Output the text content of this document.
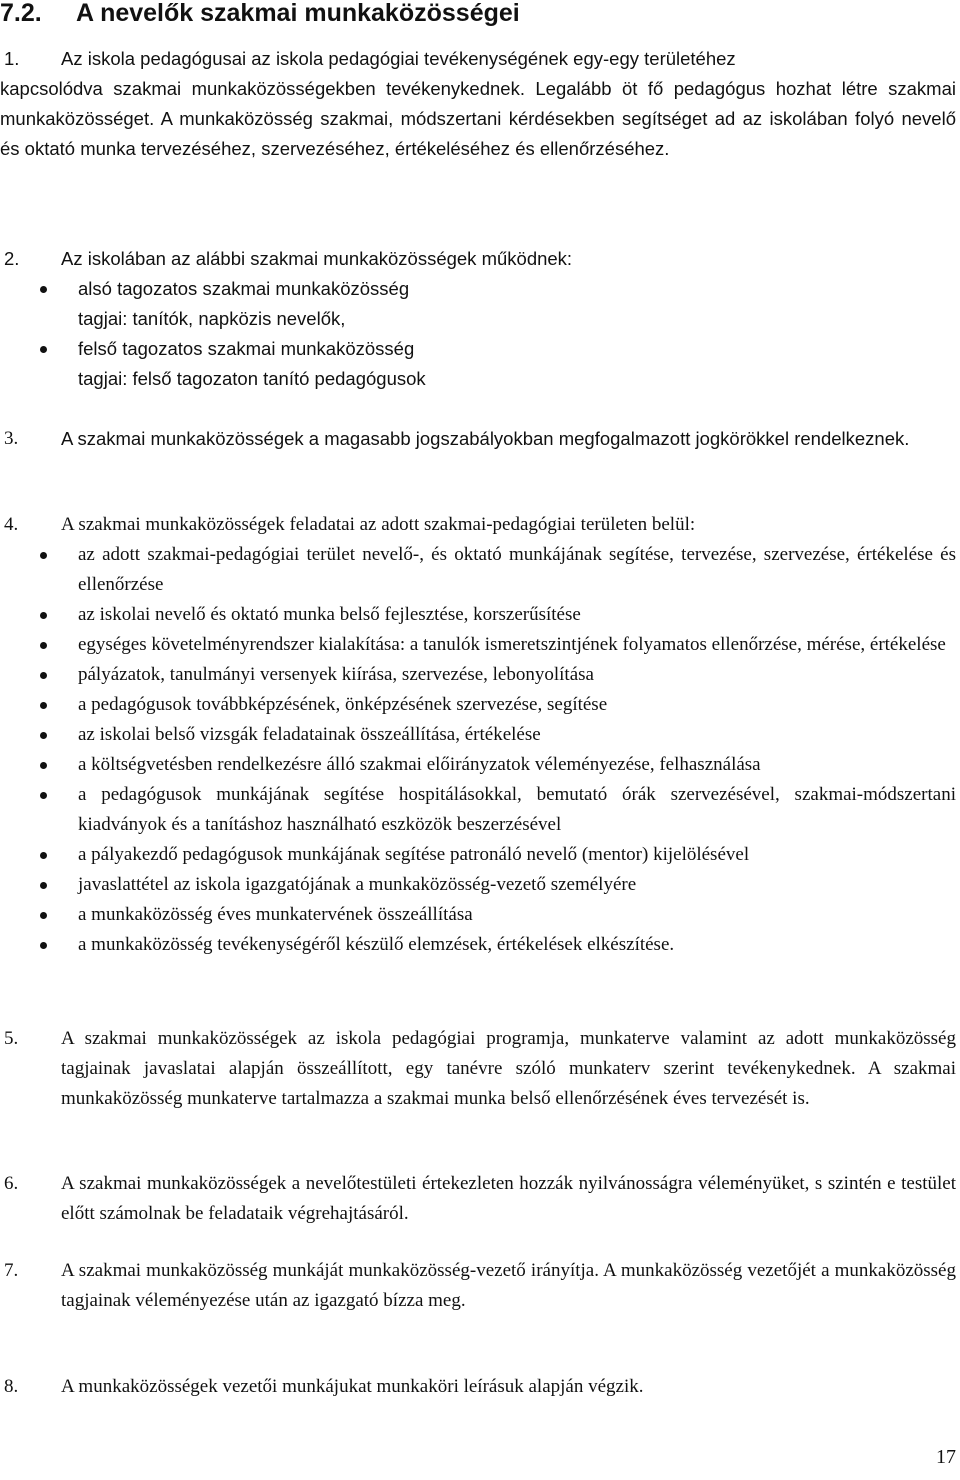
7.2. A nevelők szakmai munkaközösségei
1.	Az iskola pedagógusai az iskola pedagógiai tevékenységének egy-egy területéhez
kapcsolódva szakmai munkaközösségekben tevékenykednek. Legalább öt fő pedagógus hozhat létre szakmai munkaközösséget. A munkaközösség szakmai, módszertani kérdésekben segítséget ad az iskolában folyó nevelő és oktató munka tervezéséhez, szervezéséhez, értékeléséhez és ellenőrzéséhez.
2.	Az iskolában az alábbi szakmai munkaközösségek működnek:
alsó tagozatos szakmai munkaközösség
tagjai: tanítók, napközis nevelők,
felső tagozatos szakmai munkaközösség
tagjai: felső tagozaton tanító pedagógusok
3.	A szakmai munkaközösségek a magasabb jogszabályokban megfogalmazott jogkörökkel rendelkeznek.
4.	A szakmai munkaközösségek feladatai az adott szakmai-pedagógiai területen belül:
az adott szakmai-pedagógiai terület nevelő-, és oktató munkájának segítése, tervezése, szervezése, értékelése és ellenőrzése
az iskolai nevelő és oktató munka belső fejlesztése, korszerűsítése
egységes követelményrendszer kialakítása: a tanulók ismeretszintjének folyamatos ellenőrzése, mérése, értékelése
pályázatok, tanulmányi versenyek kiírása, szervezése, lebonyolítása
a pedagógusok továbbképzésének, önképzésének szervezése, segítése
az iskolai belső vizsgák feladatainak összeállítása, értékelése
a költségvetésben rendelkezésre álló szakmai előirányzatok véleményezése, felhasználása
a pedagógusok munkájának segítése hospitálásokkal, bemutató órák szervezésével, szakmai-módszertani kiadványok és a tanításhoz használható eszközök beszerzésével
a pályakezdő pedagógusok munkájának segítése patronáló nevelő (mentor) kijelölésével
javaslattétel az iskola igazgatójának a munkaközösség-vezető személyére
a munkaközösség éves munkatervének összeállítása
a munkaközösség tevékenységéről készülő elemzések, értékelések elkészítése.
5.	A szakmai munkaközösségek az iskola pedagógiai programja, munkaterve valamint az adott munkaközösség tagjainak javaslatai alapján összeállított, egy tanévre szóló munkaterv szerint tevékenykednek. A szakmai munkaközösség munkaterve tartalmazza a szakmai munka belső ellenőrzésének éves tervezését is.
6.	A szakmai munkaközösségek a nevelőtestületi értekezleten hozzák nyilvánosságra véleményüket, s szintén e testület előtt számolnak be feladataik végrehajtásáról.
7.	A szakmai munkaközösség munkáját munkaközösség-vezető irányítja. A munkaközösség vezetőjét a munkaközösség tagjainak véleményezése után az igazgató bízza meg.
8.	A munkaközösségek vezetői munkájukat munkaköri leírásuk alapján végzik.
17
